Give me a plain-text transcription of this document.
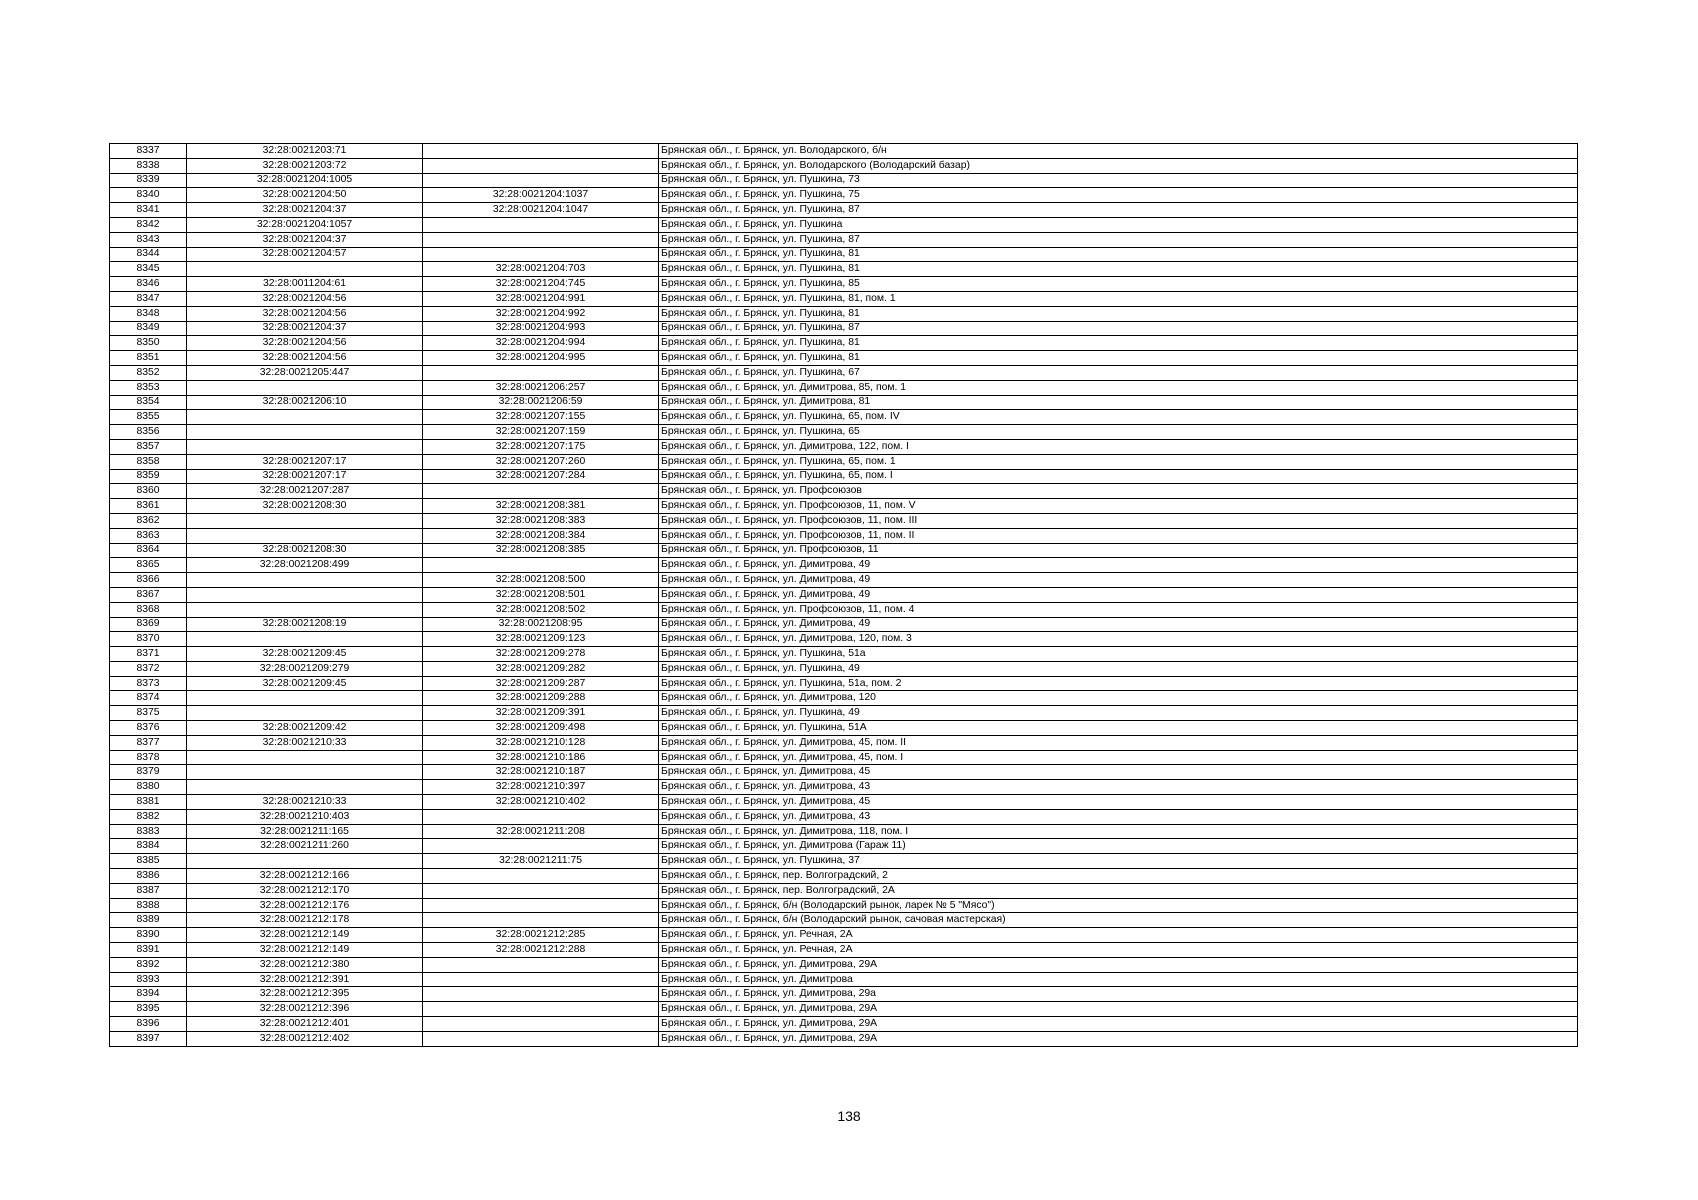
8337	32:28:0021203:71		Брянская обл., г. Брянск, ул. Володарского, б/н
8338	32:28:0021203:72		Брянская обл., г. Брянск, ул. Володарского (Володарский базар)
8339	32:28:0021204:1005		Брянская обл., г. Брянск, ул. Пушкина, 73
8340	32:28:0021204:50	32:28:0021204:1037	Брянская обл., г. Брянск, ул. Пушкина, 75
8341	32:28:0021204:37	32:28:0021204:1047	Брянская обл., г. Брянск, ул. Пушкина, 87
8342	32:28:0021204:1057		Брянская обл., г. Брянск, ул. Пушкина
8343	32:28:0021204:37		Брянская обл., г. Брянск, ул. Пушкина, 87
8344	32:28:0021204:57		Брянская обл., г. Брянск, ул. Пушкина, 81
8345		32:28:0021204:703	Брянская обл., г. Брянск, ул. Пушкина, 81
8346	32:28:0011204:61	32:28:0021204:745	Брянская обл., г. Брянск, ул. Пушкина, 85
8347	32:28:0021204:56	32:28:0021204:991	Брянская обл., г. Брянск, ул. Пушкина, 81, пом. 1
8348	32:28:0021204:56	32:28:0021204:992	Брянская обл., г. Брянск, ул. Пушкина, 81
8349	32:28:0021204:37	32:28:0021204:993	Брянская обл., г. Брянск, ул. Пушкина, 87
8350	32:28:0021204:56	32:28:0021204:994	Брянская обл., г. Брянск, ул. Пушкина, 81
8351	32:28:0021204:56	32:28:0021204:995	Брянская обл., г. Брянск, ул. Пушкина, 81
8352	32:28:0021205:447		Брянская обл., г. Брянск, ул. Пушкина, 67
8353		32:28:0021206:257	Брянская обл., г. Брянск, ул. Димитрова, 85, пом. 1
8354	32:28:0021206:10	32:28:0021206:59	Брянская обл., г. Брянск, ул. Димитрова, 81
8355		32:28:0021207:155	Брянская обл., г. Брянск, ул. Пушкина, 65, пом. IV
8356		32:28:0021207:159	Брянская обл., г. Брянск, ул. Пушкина, 65
8357		32:28:0021207:175	Брянская обл., г. Брянск, ул. Димитрова, 122, пом. I
8358	32:28:0021207:17	32:28:0021207:260	Брянская обл., г. Брянск, ул. Пушкина, 65, пом. 1
8359	32:28:0021207:17	32:28:0021207:284	Брянская обл., г. Брянск, ул. Пушкина, 65, пом. I
8360	32:28:0021207:287		Брянская обл., г. Брянск, ул. Профсоюзов
8361	32:28:0021208:30	32:28:0021208:381	Брянская обл., г. Брянск, ул. Профсоюзов, 11, пом. V
8362		32:28:0021208:383	Брянская обл., г. Брянск, ул. Профсоюзов, 11, пом. III
8363		32:28:0021208:384	Брянская обл., г. Брянск, ул. Профсоюзов, 11, пом. II
8364	32:28:0021208:30	32:28:0021208:385	Брянская обл., г. Брянск, ул. Профсоюзов, 11
8365	32:28:0021208:499		Брянская обл., г. Брянск, ул. Димитрова, 49
8366		32:28:0021208:500	Брянская обл., г. Брянск, ул. Димитрова, 49
8367		32:28:0021208:501	Брянская обл., г. Брянск, ул. Димитрова, 49
8368		32:28:0021208:502	Брянская обл., г. Брянск, ул. Профсоюзов, 11, пом. 4
8369	32:28:0021208:19	32:28:0021208:95	Брянская обл., г. Брянск, ул. Димитрова, 49
8370		32:28:0021209:123	Брянская обл., г. Брянск, ул. Димитрова, 120, пом. 3
8371	32:28:0021209:45	32:28:0021209:278	Брянская обл., г. Брянск, ул. Пушкина, 51а
8372	32:28:0021209:279	32:28:0021209:282	Брянская обл., г. Брянск, ул. Пушкина, 49
8373	32:28:0021209:45	32:28:0021209:287	Брянская обл., г. Брянск, ул. Пушкина, 51а, пом. 2
8374		32:28:0021209:288	Брянская обл., г. Брянск, ул. Димитрова, 120
8375		32:28:0021209:391	Брянская обл., г. Брянск, ул. Пушкина, 49
8376	32:28:0021209:42	32:28:0021209:498	Брянская обл., г. Брянск, ул. Пушкина, 51А
8377	32:28:0021210:33	32:28:0021210:128	Брянская обл., г. Брянск, ул. Димитрова, 45, пом. II
8378		32:28:0021210:186	Брянская обл., г. Брянск, ул. Димитрова, 45, пом. I
8379		32:28:0021210:187	Брянская обл., г. Брянск, ул. Димитрова, 45
8380		32:28:0021210:397	Брянская обл., г. Брянск, ул. Димитрова, 43
8381	32:28:0021210:33	32:28:0021210:402	Брянская обл., г. Брянск, ул. Димитрова, 45
8382	32:28:0021210:403		Брянская обл., г. Брянск, ул. Димитрова, 43
8383	32:28:0021211:165	32:28:0021211:208	Брянская обл., г. Брянск, ул. Димитрова, 118, пом. I
8384	32:28:0021211:260		Брянская обл., г. Брянск, ул. Димитрова (Гараж 11)
8385		32:28:0021211:75	Брянская обл., г. Брянск, ул. Пушкина, 37
8386	32:28:0021212:166		Брянская обл., г. Брянск, пер. Волгоградский, 2
8387	32:28:0021212:170		Брянская обл., г. Брянск, пер. Волгоградский, 2А
8388	32:28:0021212:176		Брянская обл., г. Брянск, б/н (Володарский рынок, ларек № 5 "Мясо")
8389	32:28:0021212:178		Брянская обл., г. Брянск, б/н (Володарский рынок, сачовая мастерская)
8390	32:28:0021212:149	32:28:0021212:285	Брянская обл., г. Брянск, ул. Речная, 2А
8391	32:28:0021212:149	32:28:0021212:288	Брянская обл., г. Брянск, ул. Речная, 2А
8392	32:28:0021212:380		Брянская обл., г. Брянск, ул. Димитрова, 29А
8393	32:28:0021212:391		Брянская обл., г. Брянск, ул. Димитрова
8394	32:28:0021212:395		Брянская обл., г. Брянск, ул. Димитрова, 29а
8395	32:28:0021212:396		Брянская обл., г. Брянск, ул. Димитрова, 29А
8396	32:28:0021212:401		Брянская обл., г. Брянск, ул. Димитрова, 29А
8397	32:28:0021212:402		Брянская обл., г. Брянск, ул. Димитрова, 29А
138
